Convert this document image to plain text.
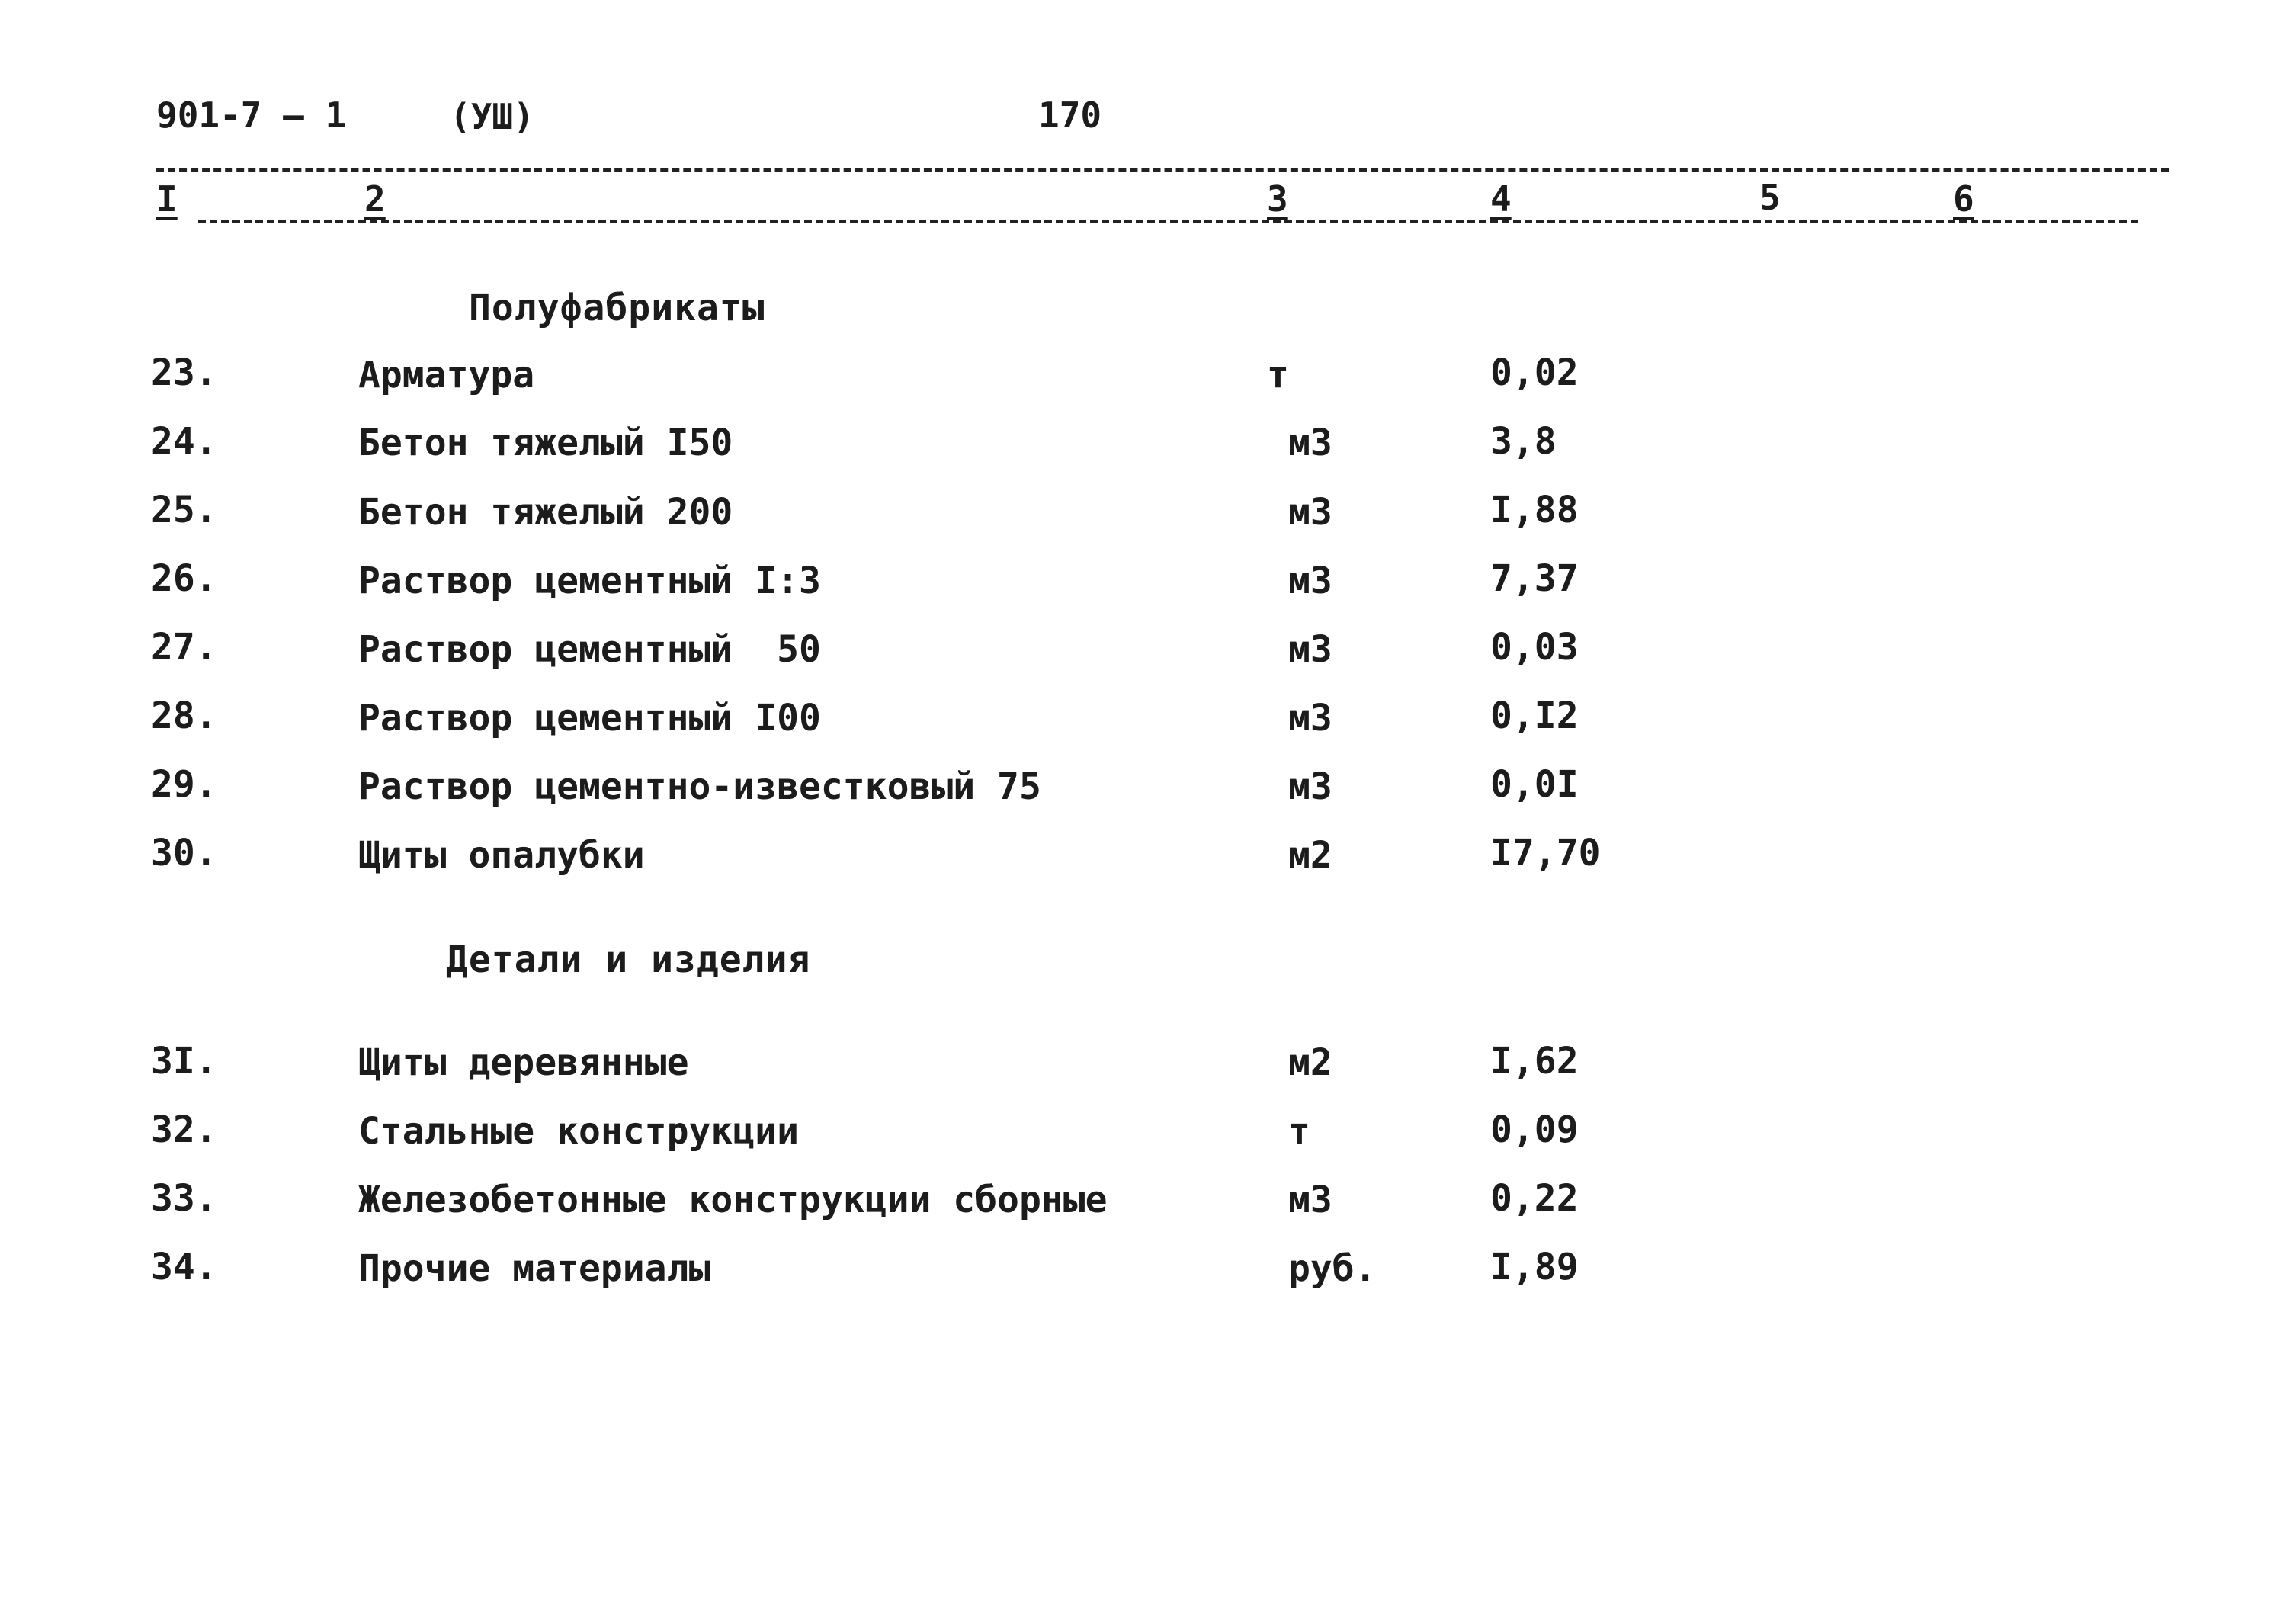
901-7 – 1	(УШ)	170
I	2	3	4	5	6
Полуфабрикаты
23.	Арматура	т	0,02
24.	Бетон тяжелый I50	м3	3,8
25.	Бетон тяжелый 200	м3	I,88
26.	Раствор цементный I:3	м3	7,37
27.	Раствор цементный  50	м3	0,03
28.	Раствор цементный I00	м3	0,I2
29.	Раствор цементно-известковый 75	м3	0,0I
30.	Щиты опалубки	м2	I7,70
Детали и изделия
3I.	Щиты деревянные	м2	I,62
32.	Стальные конструкции	т	0,09
33.	Железобетонные конструкции сборные	м3	0,22
34.	Прочие материалы	руб.	I,89
